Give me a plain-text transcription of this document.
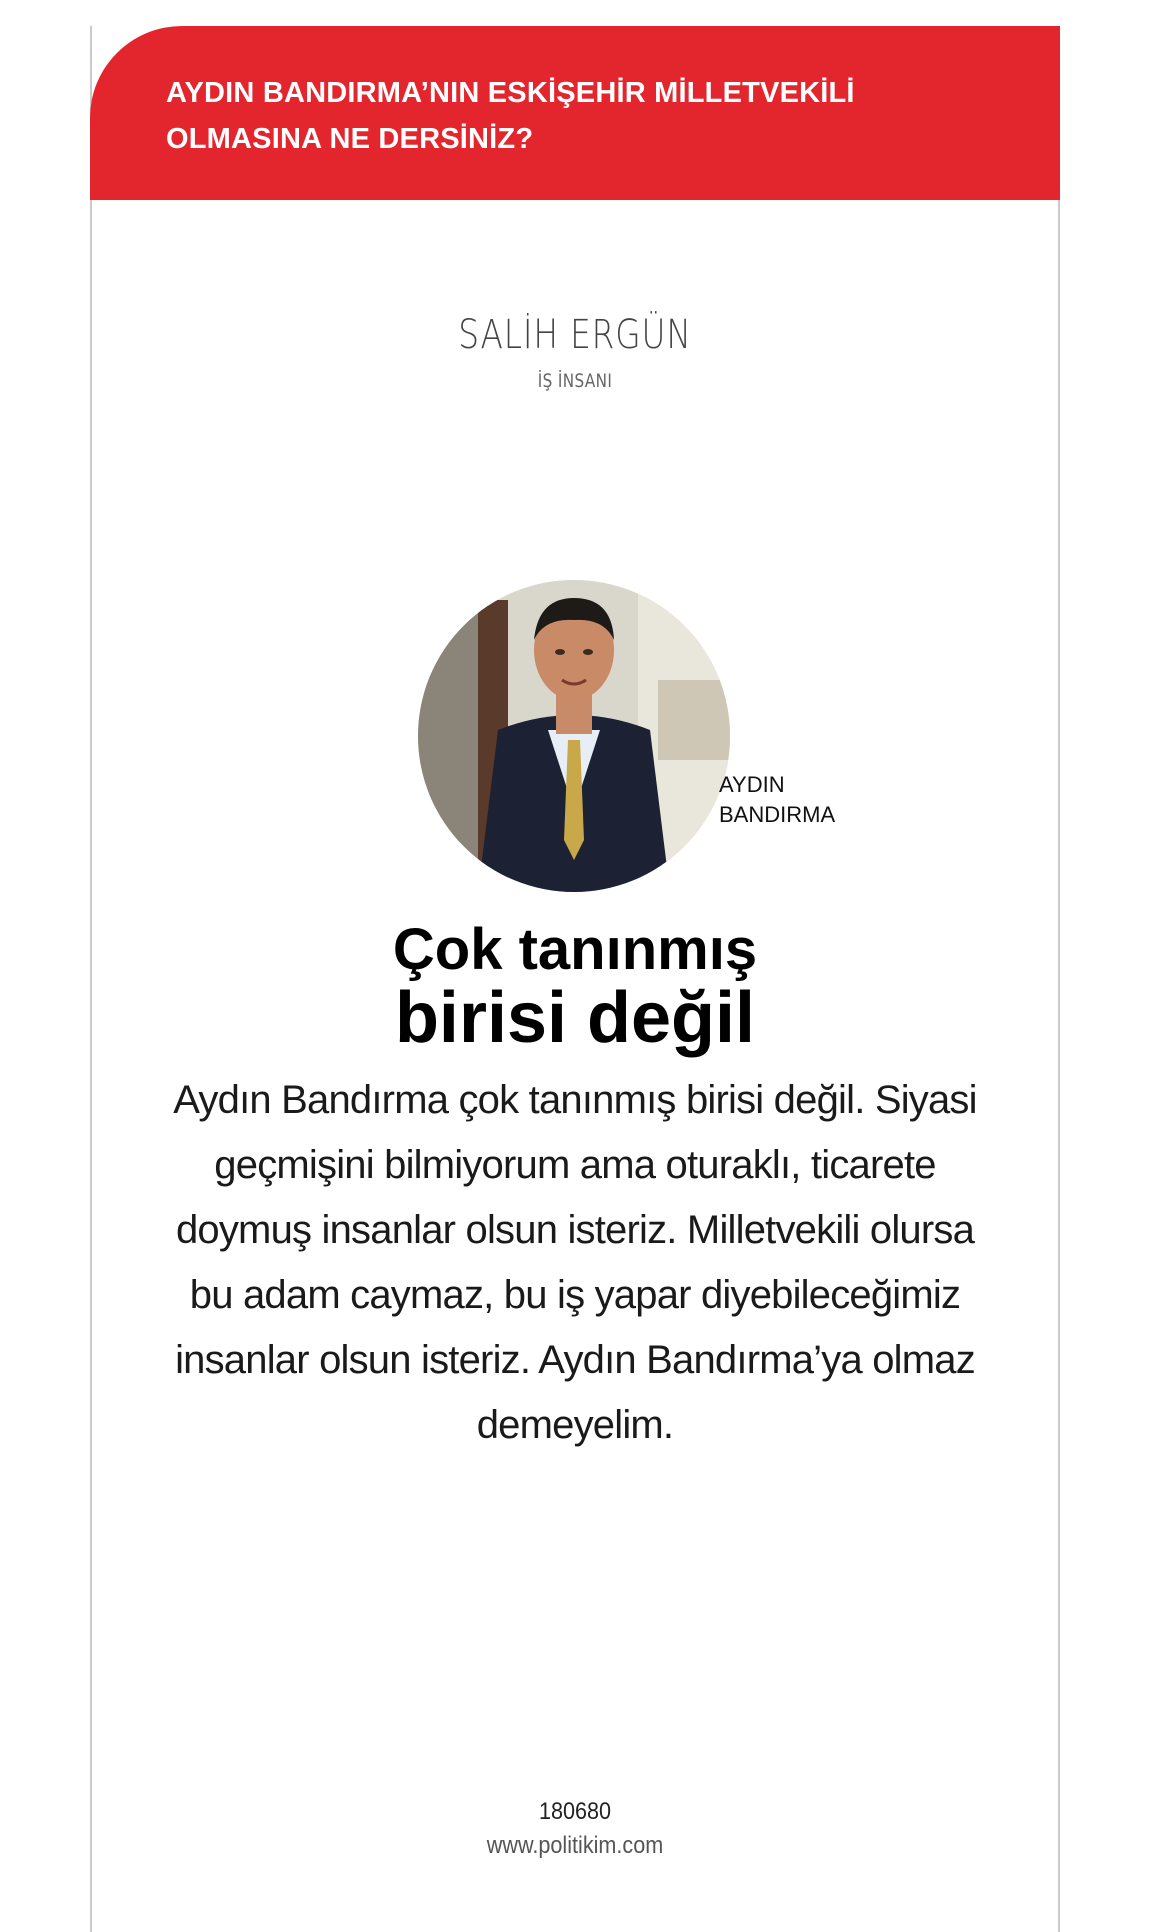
AYDIN BANDIRMA’NIN ESKİŞEHİR MİLLETVEKİLİ OLMASINA NE DERSİNİZ?
SALİH ERGÜN
İŞ İNSANI
AYDIN
BANDIRMA
Çok tanınmış
birisi değil
Aydın Bandırma çok tanınmış birisi değil. Siyasi geçmişini bilmiyorum ama oturaklı, ticarete doymuş insanlar olsun isteriz. Milletvekili olursa bu adam caymaz, bu iş yapar diyebileceğimiz insanlar olsun isteriz. Aydın Bandırma’ya olmaz demeyelim.
180680
www.politikim.com
